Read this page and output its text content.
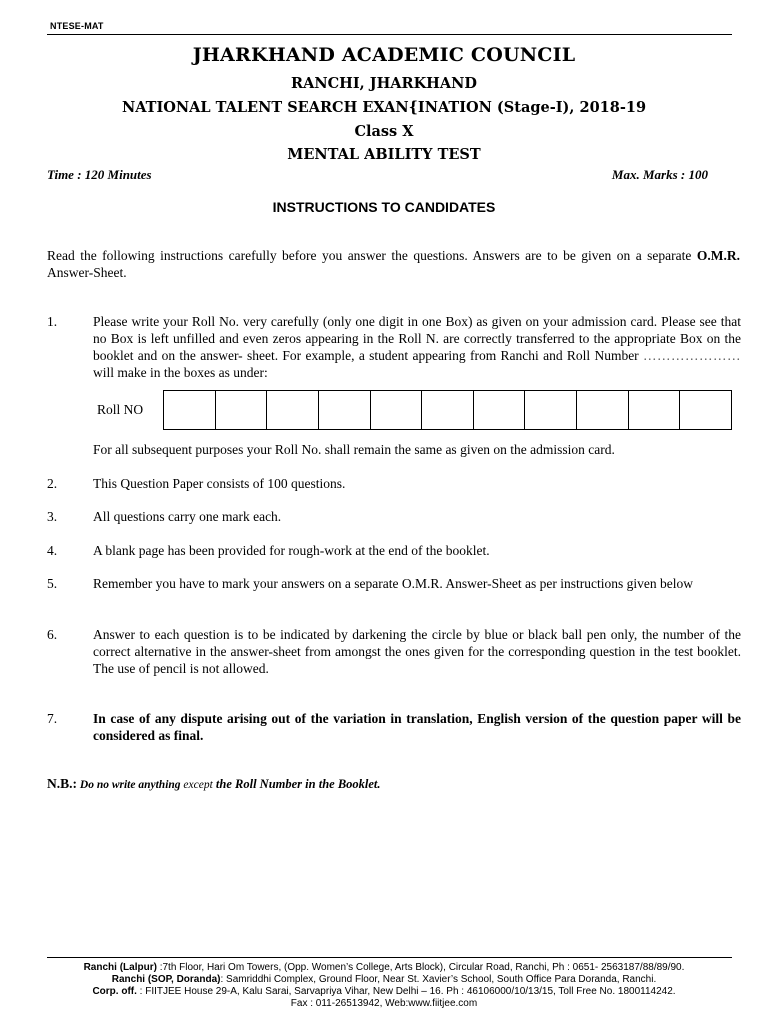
NTESE-MAT
JHARKHAND ACADEMIC COUNCIL
RANCHI, JHARKHAND
NATIONAL TALENT SEARCH EXAN{INATION (Stage-I), 2018-19
Class X
MENTAL ABILITY TEST
Time : 120 Minutes	Max. Marks : 100
INSTRUCTIONS TO CANDIDATES
Read the following instructions carefully before you answer the questions. Answers are to be given on a separate O.M.R. Answer-Sheet.
1.	Please write your Roll No. very carefully (only one digit in one Box) as given on your admission card. Please see that no Box is left unfilled and even zeros appearing in the Roll N. are correctly transferred to the appropriate Box on the booklet and on the answer- sheet. For example, a student appearing from Ranchi and Roll Number ………………… will make in the boxes as under:
Roll NO
For all subsequent purposes your Roll No. shall remain the same as given on the admission card.
2.	This Question Paper consists of 100 questions.
3.	All questions carry one mark each.
4.	A blank page has been provided for rough-work at the end of the booklet.
5.	Remember you have to mark your answers on a separate O.M.R. Answer-Sheet as per instructions given below
6.	Answer to each question is to be indicated by darkening the circle by blue or black ball pen only, the number of the correct alternative in the answer-sheet from amongst the ones given for the corresponding question in the test booklet. The use of pencil is not allowed.
7.	In case of any dispute arising out of the variation in translation, English version of the question paper will be considered as final.
N.B.: Do no write anything except the Roll Number in the Booklet.
Ranchi (Lalpur) :7th Floor, Hari Om Towers, (Opp. Women’s College, Arts Block), Circular Road, Ranchi, Ph : 0651- 2563187/88/89/90.
Ranchi (SOP, Doranda): Samriddhi Complex, Ground Floor, Near St. Xavier’s School, South Office Para Doranda, Ranchi.
Corp. off. : FIITJEE House 29-A, Kalu Sarai, Sarvapriya Vihar, New Delhi – 16. Ph : 46106000/10/13/15, Toll Free No. 1800114242.
Fax : 011-26513942, Web:www.fiitjee.com
